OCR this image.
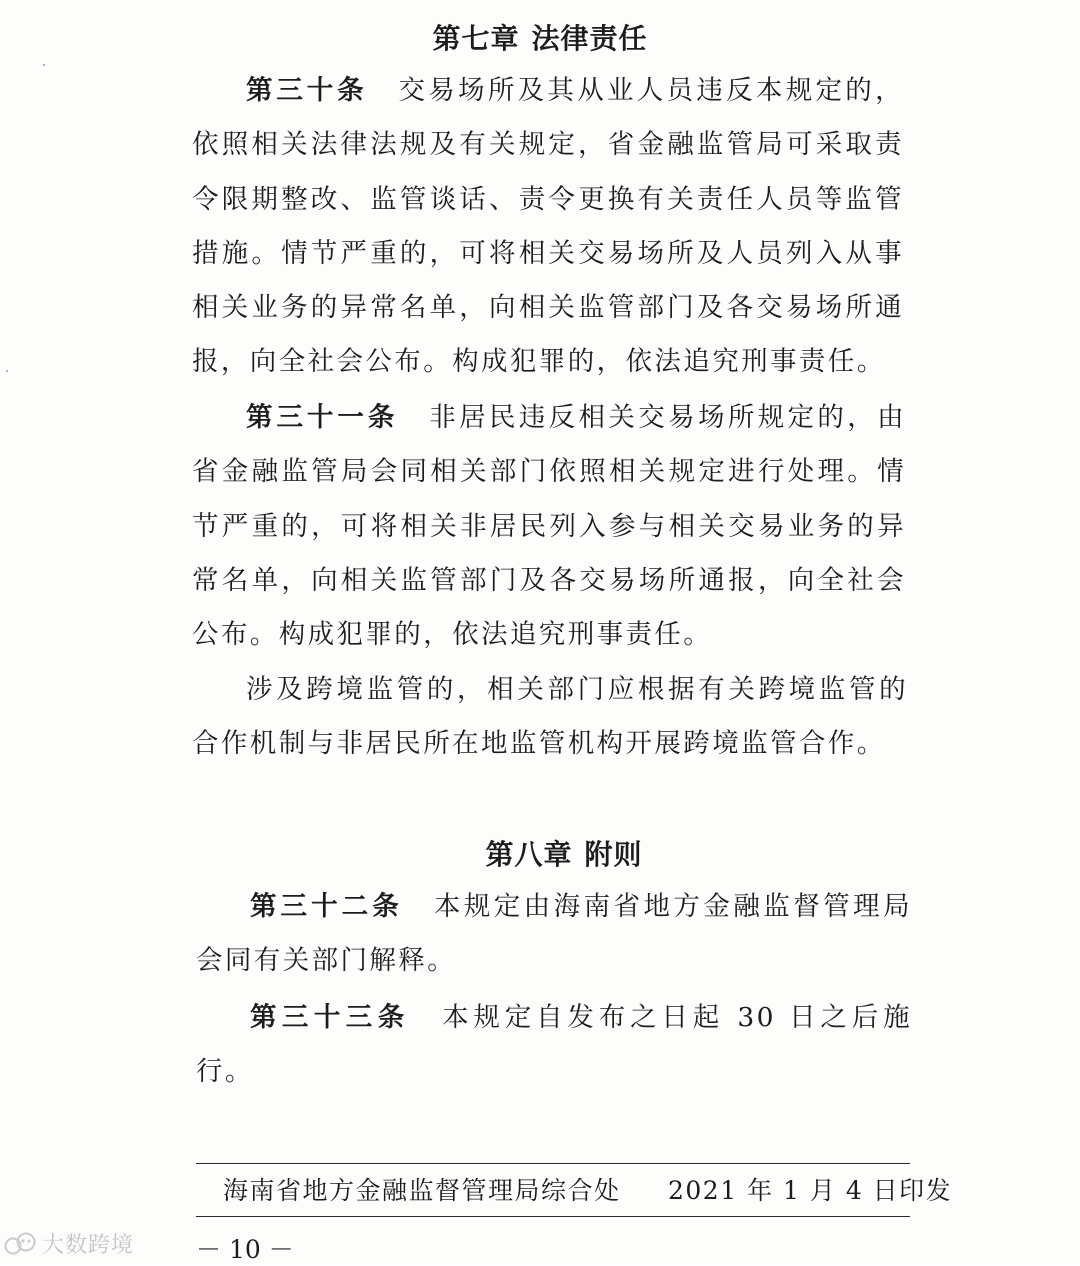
第七章 法律责任

第三十条 交易场所及其从业人员违反本规定的，依照相关法律法规及有关规定，省金融监管局可采取责令限期整改、监管谈话、责令更换有关责任人员等监管措施。情节严重的，可将相关交易场所及人员列入从事相关业务的异常名单，向相关监管部门及各交易场所通报，向全社会公布。构成犯罪的，依法追究刑事责任。

第三十一条 非居民违反相关交易场所规定的，由省金融监管局会同相关部门依照相关规定进行处理。情节严重的，可将相关非居民列入参与相关交易业务的异常名单，向相关监管部门及各交易场所通报，向全社会公布。构成犯罪的，依法追究刑事责任。

涉及跨境监管的，相关部门应根据有关跨境监管的合作机制与非居民所在地监管机构开展跨境监管合作。

第八章 附则

第三十二条 本规定由海南省地方金融监督管理局会同有关部门解释。

第三十三条 本规定自发布之日起 30 日之后施行。

海南省地方金融监督管理局综合处 2021 年 1 月 4 日印发

－ 10 －

大数跨境
